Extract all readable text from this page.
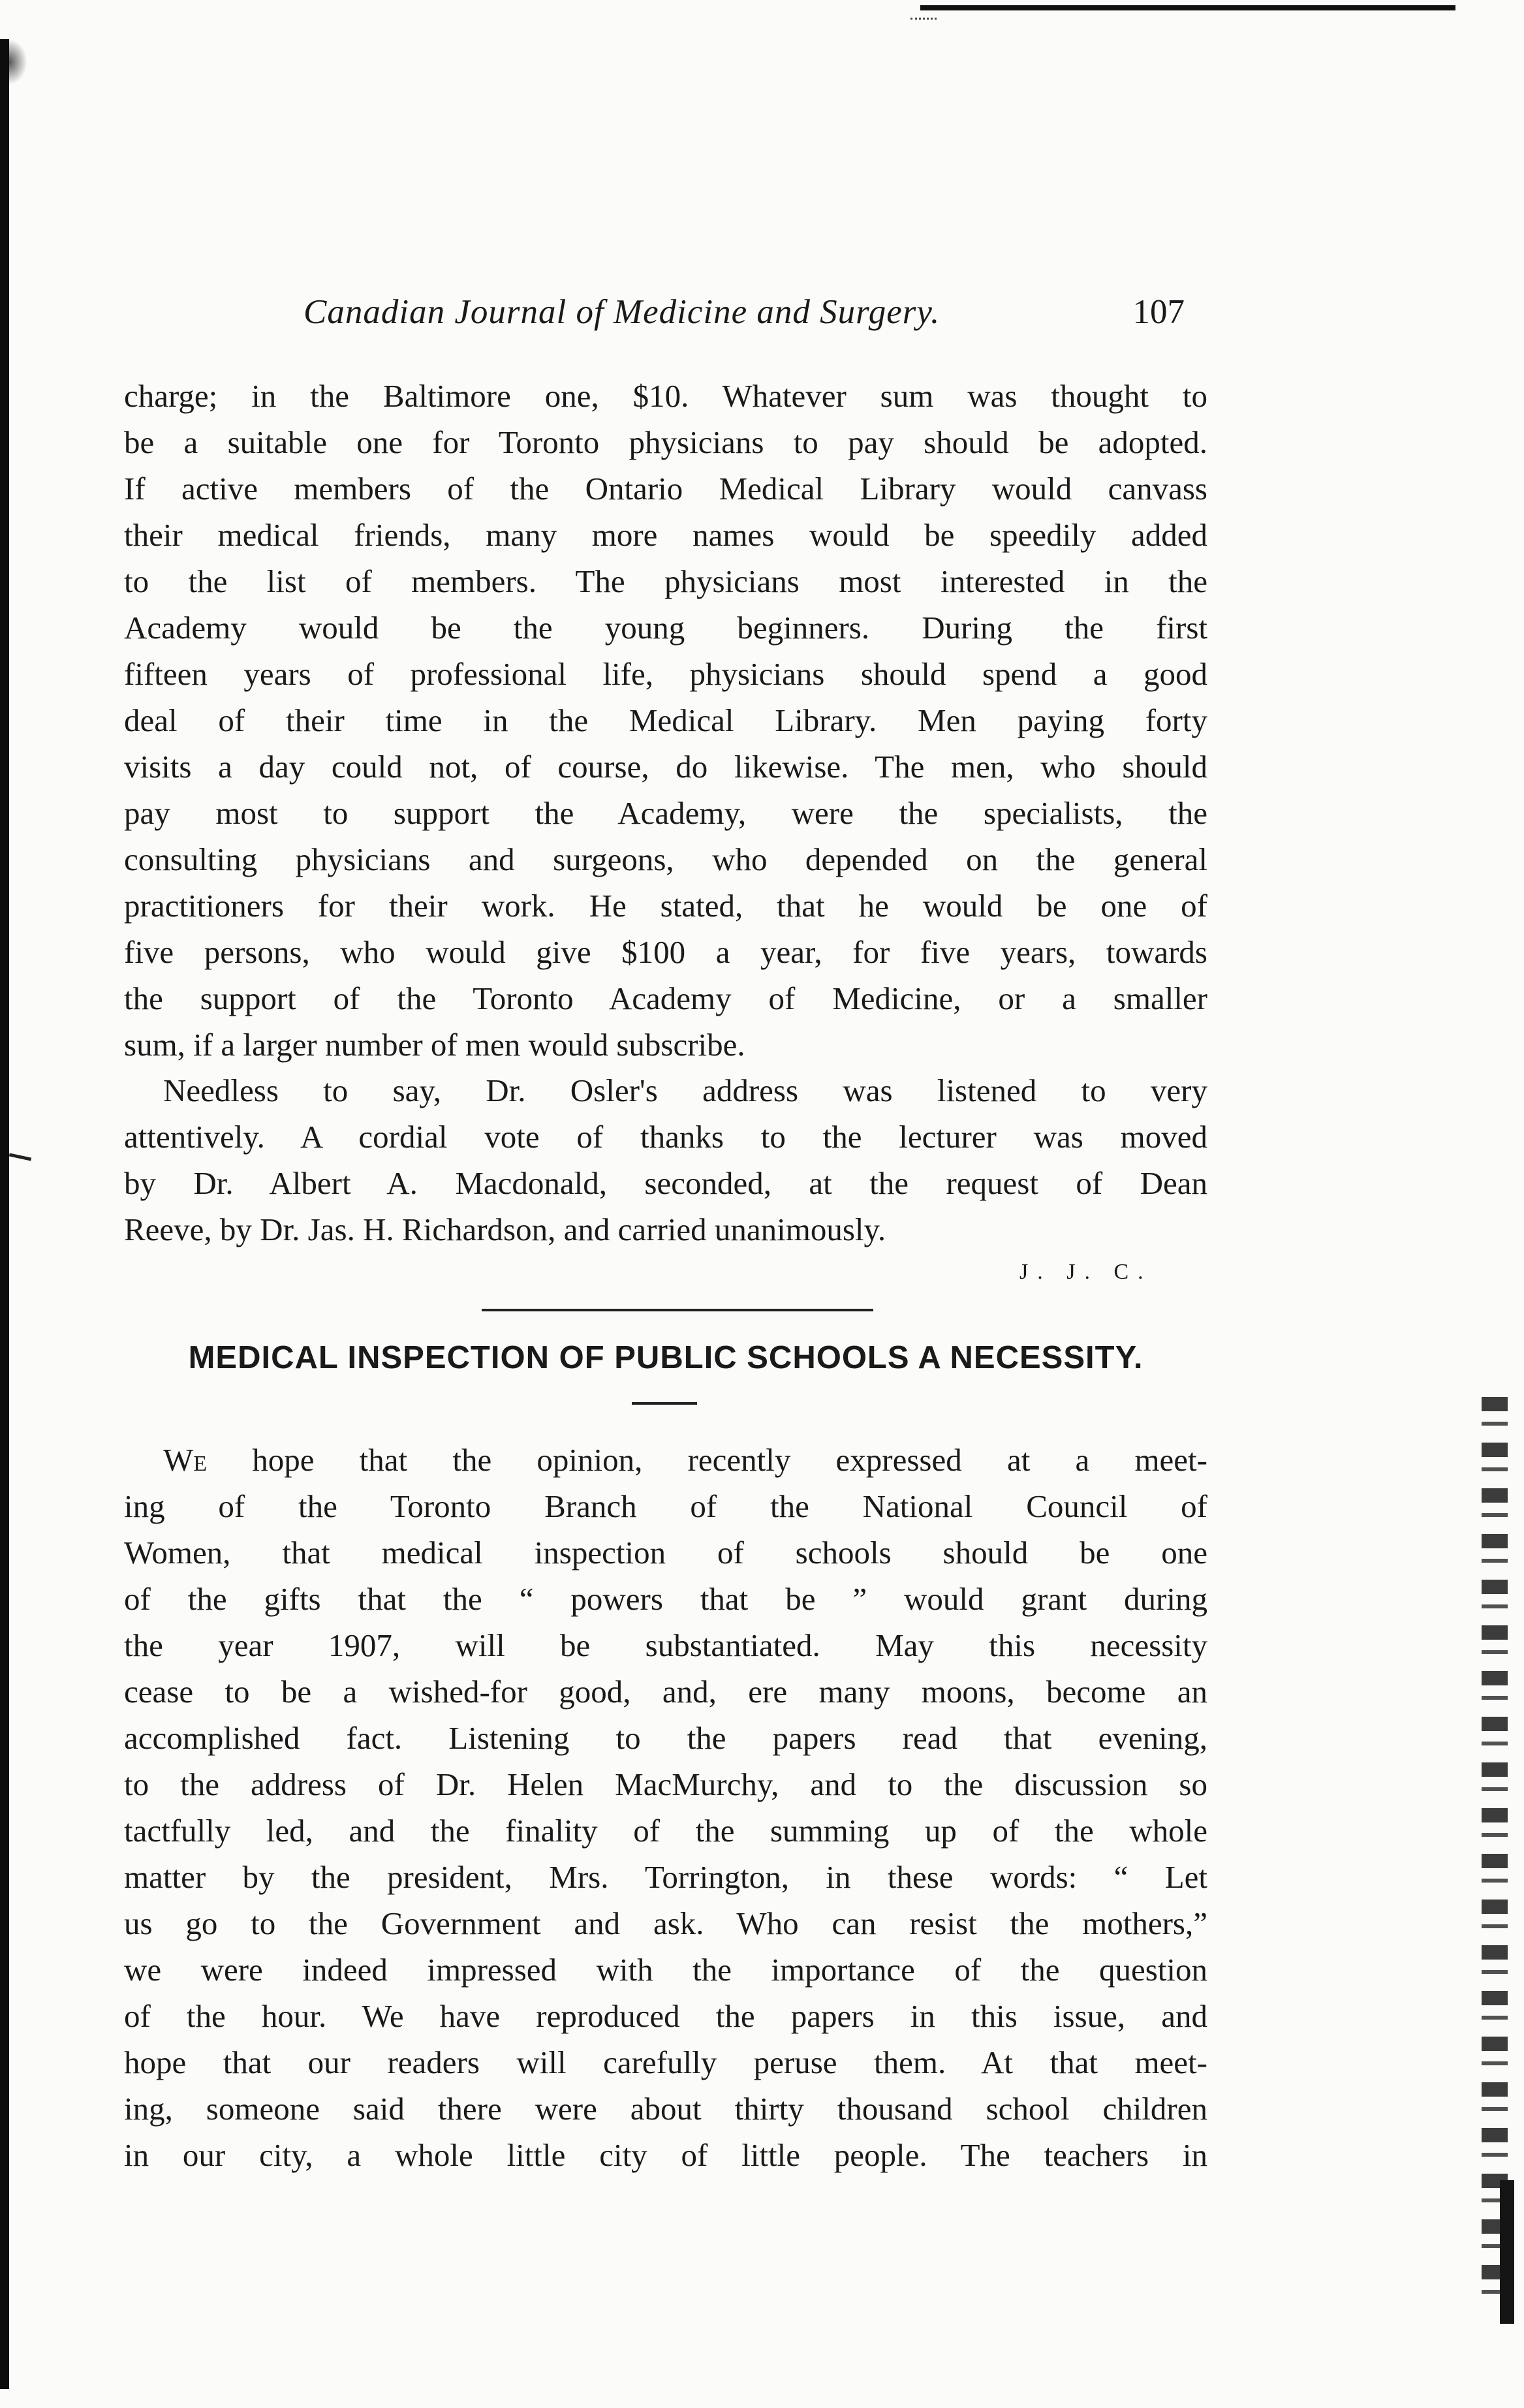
Canadian Journal of Medicine and Surgery.	107
charge; in the Baltimore one, $10. Whatever sum was thought to
be a suitable one for Toronto physicians to pay should be adopted.
If active members of the Ontario Medical Library would canvass
their medical friends, many more names would be speedily added
to the list of members. The physicians most interested in the
Academy would be the young beginners. During the first
fifteen years of professional life, physicians should spend a good
deal of their time in the Medical Library. Men paying forty
visits a day could not, of course, do likewise. The men, who should
pay most to support the Academy, were the specialists, the
consulting physicians and surgeons, who depended on the general
practitioners for their work. He stated, that he would be one of
five persons, who would give $100 a year, for five years, towards
the support of the Toronto Academy of Medicine, or a smaller
sum, if a larger number of men would subscribe.
Needless to say, Dr. Osler's address was listened to very
attentively. A cordial vote of thanks to the lecturer was moved
by Dr. Albert A. Macdonald, seconded, at the request of Dean
Reeve, by Dr. Jas. H. Richardson, and carried unanimously.
J. J. C.
MEDICAL INSPECTION OF PUBLIC SCHOOLS A NECESSITY.
We hope that the opinion, recently expressed at a meet-
ing of the Toronto Branch of the National Council of
Women, that medical inspection of schools should be one
of the gifts that the “ powers that be ” would grant during
the year 1907, will be substantiated. May this necessity
cease to be a wished-for good, and, ere many moons, become an
accomplished fact. Listening to the papers read that evening,
to the address of Dr. Helen MacMurchy, and to the discussion so
tactfully led, and the finality of the summing up of the whole
matter by the president, Mrs. Torrington, in these words: “ Let
us go to the Government and ask. Who can resist the mothers,”
we were indeed impressed with the importance of the question
of the hour. We have reproduced the papers in this issue, and
hope that our readers will carefully peruse them. At that meet-
ing, someone said there were about thirty thousand school children
in our city, a whole little city of little people. The teachers in
